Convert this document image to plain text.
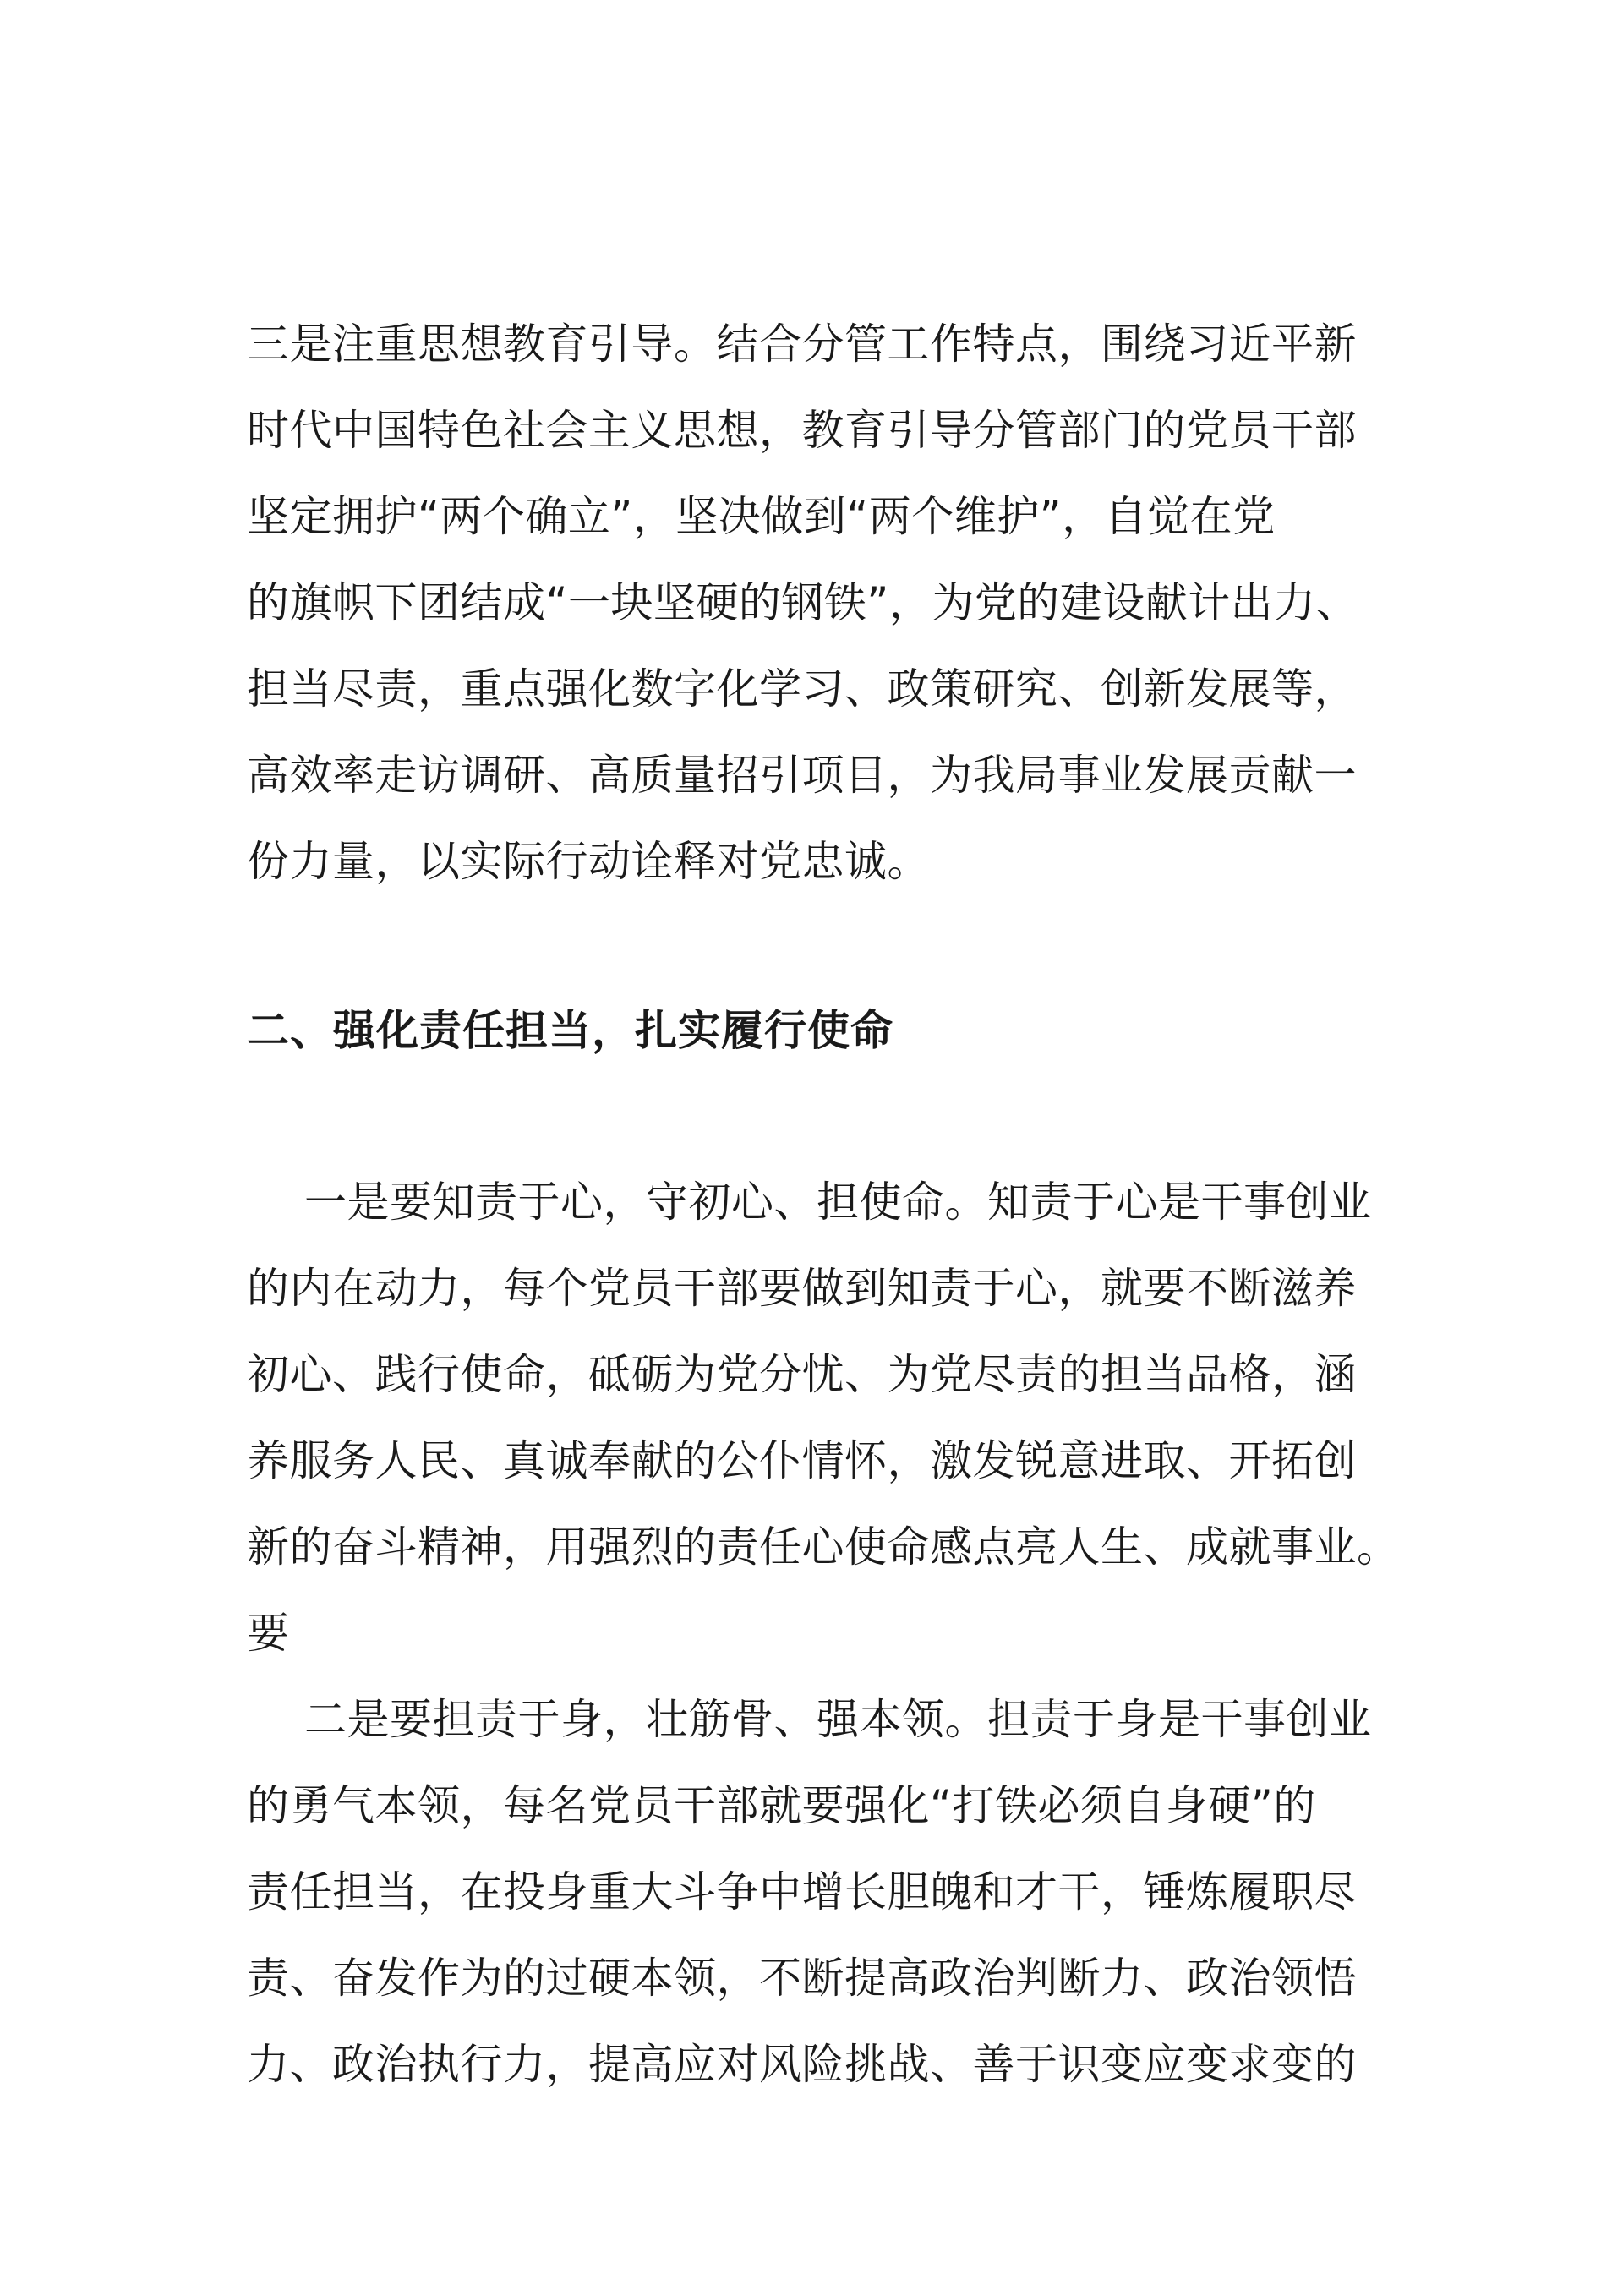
三是注重思想教育引导。结合分管工作特点，围绕习近平新

时代中国特色社会主义思想，教育引导分管部门的党员干部

坚定拥护“两个确立”，坚决做到“两个维护”，自觉在党

的旗帜下团结成“一块坚硬的钢铁”，为党的建设献计出力、

担当尽责，重点强化数字化学习、政策研究、创新发展等，

高效率走访调研、高质量招引项目，为我局事业发展贡献一

份力量，以实际行动诠释对党忠诚。

二、强化责任担当，扎实履行使命

一是要知责于心，守初心、担使命。知责于心是干事创业

的内在动力，每个党员干部要做到知责于心，就要不断滋养

初心、践行使命，砥砺为党分忧、为党尽责的担当品格，涵

养服务人民、真诚奉献的公仆情怀，激发锐意进取、开拓创

新的奋斗精神，用强烈的责任心使命感点亮人生、成就事业。

要

二是要担责于身，壮筋骨、强本领。担责于身是干事创业

的勇气本领，每名党员干部就要强化“打铁必须自身硬”的

责任担当，在投身重大斗争中增长胆魄和才干，锤炼履职尽

责、奋发作为的过硬本领，不断提高政治判断力、政治领悟

力、政治执行力，提高应对风险挑战、善于识变应变求变的
